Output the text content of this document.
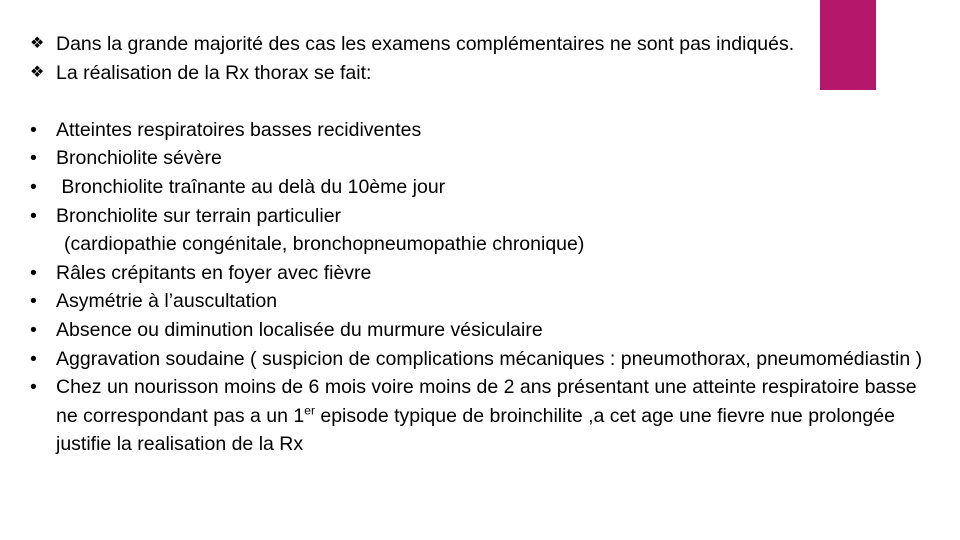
❖ Dans la grande majorité des cas les examens complémentaires ne sont pas indiqués.
❖ La réalisation de la Rx thorax se fait:
• Atteintes respiratoires basses recidiventes
• Bronchiolite sévère
• Bronchiolite traînante au delà du 10ème jour
• Bronchiolite sur terrain particulier
(cardiopathie congénitale, bronchopneumopathie chronique)
• Râles crépitants en foyer avec fièvre
• Asymétrie à l’auscultation
• Absence ou diminution localisée du murmure vésiculaire
• Aggravation soudaine ( suspicion de complications mécaniques : pneumothorax, pneumomédiastin )
• Chez un nourisson moins de 6 mois voire moins de 2 ans présentant une atteinte respiratoire basse ne correspondant pas a un 1er episode typique de broinchilite ,a cet age une fievre nue prolongée justifie la realisation de la Rx
